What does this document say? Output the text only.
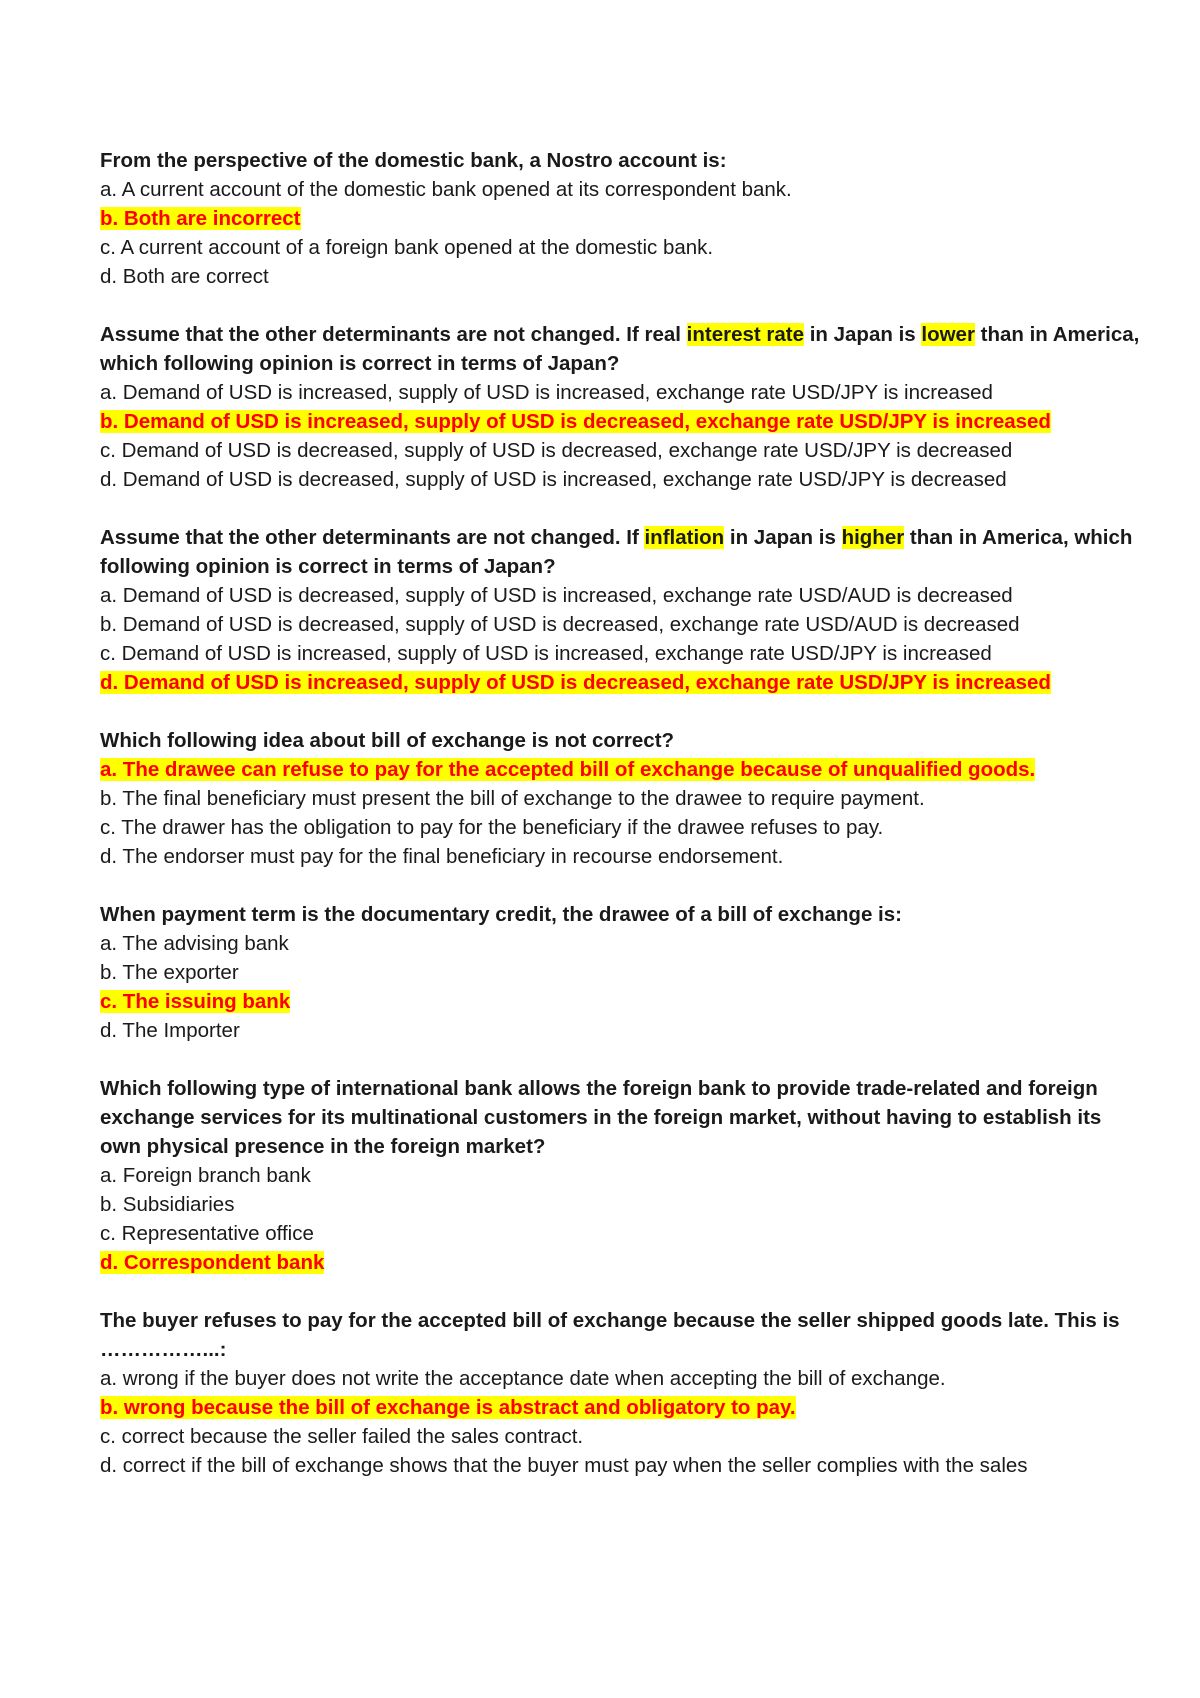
From the perspective of the domestic bank, a Nostro account is:
a. A current account of the domestic bank opened at its correspondent bank.
b. Both are incorrect
c. A current account of a foreign bank opened at the domestic bank.
d. Both are correct
Assume that the other determinants are not changed. If real interest rate in Japan is lower than in America, which following opinion is correct in terms of Japan?
a. Demand of USD is increased, supply of USD is increased, exchange rate USD/JPY is increased
b. Demand of USD is increased, supply of USD is decreased, exchange rate USD/JPY is increased
c. Demand of USD is decreased, supply of USD is decreased, exchange rate USD/JPY is decreased
d. Demand of USD is decreased, supply of USD is increased, exchange rate USD/JPY is decreased
Assume that the other determinants are not changed. If inflation in Japan is higher than in America, which following opinion is correct in terms of Japan?
a. Demand of USD is decreased, supply of USD is increased, exchange rate USD/AUD is decreased
b. Demand of USD is decreased, supply of USD is decreased, exchange rate USD/AUD is decreased
c. Demand of USD is increased, supply of USD is increased, exchange rate USD/JPY is increased
d. Demand of USD is increased, supply of USD is decreased, exchange rate USD/JPY is increased
Which following idea about bill of exchange is not correct?
a. The drawee can refuse to pay for the accepted bill of exchange because of unqualified goods.
b. The final beneficiary must present the bill of exchange to the drawee to require payment.
c. The drawer has the obligation to pay for the beneficiary if the drawee refuses to pay.
d. The endorser must pay for the final beneficiary in recourse endorsement.
When payment term is the documentary credit, the drawee of a bill of exchange is:
a. The advising bank
b. The exporter
c. The issuing bank
d. The Importer
Which following type of international bank allows the foreign bank to provide trade-related and foreign exchange services for its multinational customers in the foreign market, without having to establish its own physical presence in the foreign market?
a. Foreign branch bank
b. Subsidiaries
c. Representative office
d. Correspondent bank
The buyer refuses to pay for the accepted bill of exchange because the seller shipped goods late. This is ……………...:
a. wrong if the buyer does not write the acceptance date when accepting the bill of exchange.
b. wrong because the bill of exchange is abstract and obligatory to pay.
c. correct because the seller failed the sales contract.
d. correct if the bill of exchange shows that the buyer must pay when the seller complies with the sales
